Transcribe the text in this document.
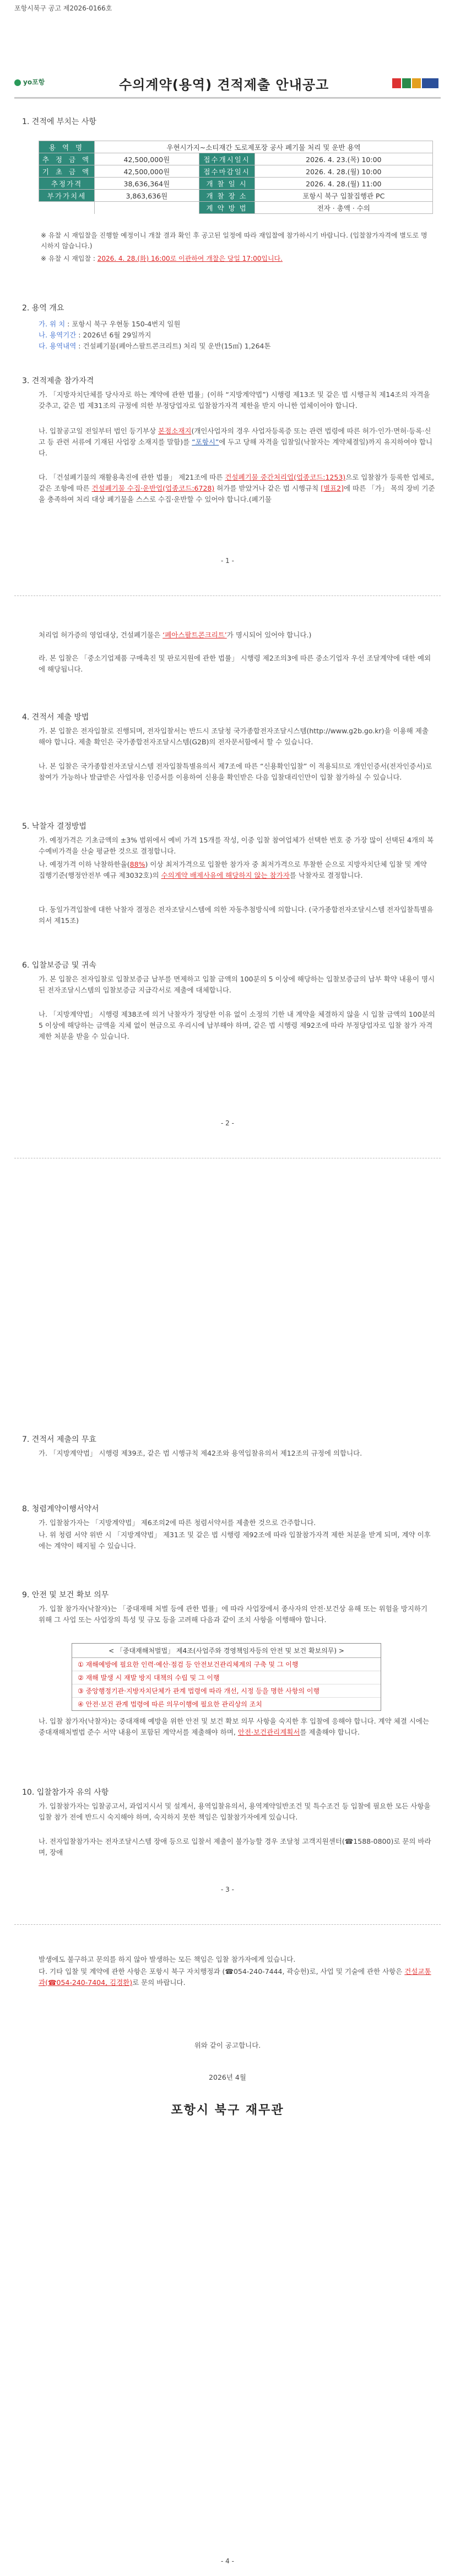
포항시북구 공고 제2026-0166호
yo포항	수의계약(용역) 견적제출 안내공고
1. 견적에 부치는 사항
용 역 명	우현시가지~소티재간 도로제포장 공사 폐기물 처리 및 운반 용역		
추 정 금 액	42,500,000원	접수개시일시	2026. 4. 23.(목) 10:00
기 초 금 액	42,500,000원	접수마감일시	2026. 4. 28.(월) 10:00
추정가격	38,636,364원	개 찰 일 시	2026. 4. 28.(월) 11:00
부가가치세	3,863,636원	개 찰 장 소	포항시 북구 입찰집행관 PC
		계 약 방 법	전자 · 총액 · 수의
※ 유찰 시 재입찰을 진행할 예정이니 개찰 결과 확인 후 공고된 일정에 따라 재입찰에 참가하시기 바랍니다. (입찰참가자격에 별도로 명시하지 않습니다.)
※ 유찰 시 재입찰 : 2026. 4. 28.(화) 16:00로 이관하여 개찰은 당일 17:00입니다.
2. 용역 개요
가. 위 치 : 포항시 북구 우현동 150-4번지 일원
나. 용역기간 : 2026년 6월 29일까지
다. 용역내역 : 건설폐기물(폐아스팔트콘크리트) 처리 및 운반(15㎥) 1,264톤
3. 견적제출 참가자격
가. 「지방자치단체를 당사자로 하는 계약에 관한 법률」(이하 “지방계약법”) 시행령 제13조 및 같은 법 시행규칙 제14조의 자격을 갖추고, 같은 법 제31조의 규정에 의한 부정당업자로 입찰참가자격 제한을 받지 아니한 업체이어야 합니다.
나. 입찰공고일 전일부터 법인 등기부상 본점소재지(개인사업자의 경우 사업자등록증 또는 관련 법령에 따른 허가·인가·면허·등록·신고 등 관련 서류에 기재된 사업장 소재지를 말함)를 “포항시”에 두고 당해 자격을 입찰일(낙찰자는 계약체결일)까지 유지하여야 합니다.
다. 「건설폐기물의 재활용촉진에 관한 법률」 제21조에 따른 건설폐기물 중간처리업(업종코드:1253)으로 입찰참가 등록한 업체로, 같은 조항에 따른 건설폐기물 수집·운반업(업종코드:6728) 허가를 받았거나 같은 법 시행규칙 [별표2]에 따른 「가」 목의 장비 기준을 충족하여 처리 대상 폐기물을 스스로 수집·운반할 수 있어야 합니다.(폐기물
- 1 -
처리업 허가증의 영업대상, 건설폐기물은 ‘폐아스팔트콘크리트’가 명시되어 있어야 합니다.)
라. 본 입찰은 「중소기업제품 구매촉진 및 판로지원에 관한 법률」 시행령 제2조의3에 따른 중소기업자 우선 조달계약에 대한 예외에 해당됩니다.
4. 견적서 제출 방법
가. 본 입찰은 전자입찰로 진행되며, 전자입찰서는 반드시 조달청 국가종합전자조달시스템(http://www.g2b.go.kr)을 이용해 제출해야 합니다. 제출 확인은 국가종합전자조달시스템(G2B)의 전자문서함에서 할 수 있습니다.
나. 본 입찰은 국가종합전자조달시스템 전자입찰특별유의서 제7조에 따른 “신용확인입찰” 이 적용되므로 개인인증서(전자인증서)로 참여가 가능하나 발급받은 사업자용 인증서를 이용하여 신용을 확인받은 다음 입찰대리인만이 입찰 참가하실 수 있습니다.
5. 낙찰자 결정방법
가. 예정가격은 기초금액의 ±3% 범위에서 예비 가격 15개를 작성, 이중 입찰 참여업체가 선택한 번호 중 가장 많이 선택된 4개의 복수예비가격을 산술 평균한 것으로 결정합니다.
나. 예정가격 이하 낙찰하한율(88%) 이상 최저가격으로 입찰한 참가자 중 최저가격으로 투찰한 순으로 지방자치단체 입찰 및 계약 집행기준(행정안전부 예규 제3032호)의 수의계약 배제사유에 해당하지 않는 참가자를 낙찰자로 결정합니다.
다. 동일가격입찰에 대한 낙찰자 결정은 전자조달시스템에 의한 자동추첨방식에 의합니다. (국가종합전자조달시스템 전자입찰특별유의서 제15조)
6. 입찰보증금 및 귀속
가. 본 입찰은 전자입찰로 입찰보증금 납부를 면제하고 입찰 금액의 100분의 5 이상에 해당하는 입찰보증금의 납부 확약 내용이 명시된 전자조달시스템의 입찰보증금 지급각서로 제출에 대체합니다.
나. 「지방계약법」 시행령 제38조에 의거 낙찰자가 정당한 이유 없이 소정의 기한 내 계약을 체결하지 않을 시 입찰 금액의 100분의 5 이상에 해당하는 금액을 지체 없이 현금으로 우리시에 납부해야 하며, 같은 법 시행령 제92조에 따라 부정당업자로 입찰 참가 자격 제한 처분을 받을 수 있습니다.
- 2 -
7. 견적서 제출의 무효
가. 「지방계약법」 시행령 제39조, 같은 법 시행규칙 제42조와 용역입찰유의서 제12조의 규정에 의합니다.
8. 청렴계약이행서약서
가. 입찰참가자는 「지방계약법」 제6조의2에 따른 청렴서약서를 제출한 것으로 간주합니다.
나. 위 청렴 서약 위반 시 「지방계약법」 제31조 및 같은 법 시행령 제92조에 따라 입찰참가자격 제한 처분을 받게 되며, 계약 이후에는 계약이 해지될 수 있습니다.
9. 안전 및 보건 확보 의무
가. 입찰 참가자(낙찰자)는 「중대재해 처벌 등에 관한 법률」에 따라 사업장에서 종사자의 안전·보건상 유해 또는 위험을 방지하기 위해 그 사업 또는 사업장의 특성 및 규모 등을 고려해 다음과 같이 조치 사항을 이행해야 합니다.
< 「중대재해처벌법」 제4조(사업주와 경영책임자등의 안전 및 보건 확보의무) >
① 재해예방에 필요한 인력·예산·점검 등 안전보건관리체계의 구축 및 그 이행
② 재해 발생 시 재발 방지 대책의 수립 및 그 이행
③ 중앙행정기관·지방자치단체가 관계 법령에 따라 개선, 시정 등을 명한 사항의 이행
④ 안전·보건 관계 법령에 따른 의무이행에 필요한 관리상의 조치
나. 입찰 참가자(낙찰자)는 중대재해 예방을 위한 안전 및 보건 확보 의무 사항을 숙지한 후 입찰에 응해야 합니다. 계약 체결 시에는 중대재해처벌법 준수 서약 내용이 포함된 계약서를 제출해야 하며, 안전·보건관리계획서를 제출해야 합니다.
10. 입찰참가자 유의 사항
가. 입찰참가자는 입찰공고서, 과업지시서 및 설계서, 용역입찰유의서, 용역계약일반조건 및 특수조건 등 입찰에 필요한 모든 사항을 입찰 참가 전에 반드시 숙지해야 하며, 숙지하지 못한 책임은 입찰참가자에게 있습니다.
나. 전자입찰참가자는 전자조달시스템 장애 등으로 입찰서 제출이 불가능할 경우 조달청 고객지원센터(☎1588-0800)로 문의 바라며, 장애
- 3 -
발생에도 불구하고 문의를 하지 않아 발생하는 모든 책임은 입찰 참가자에게 있습니다.
다. 기타 입찰 및 계약에 관한 사항은 포항시 북구 자치행정과 (☎054-240-7444, 곽승헌)로, 사업 및 기술에 관한 사항은 건설교통과(☎054-240-7404, 김경환)로 문의 바랍니다.
위와 같이 공고합니다.
2026년 4월
포항시 북구 재무관
- 4 -
